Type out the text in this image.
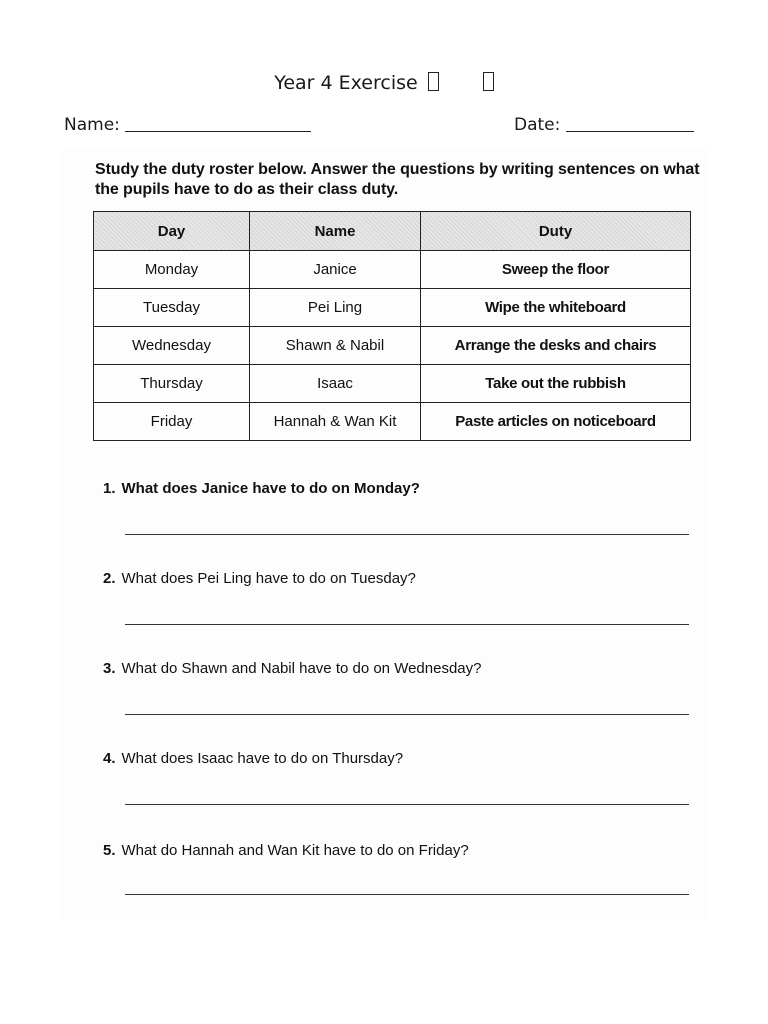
Year 4 Exercise
Name:	Date:
Study the duty roster below. Answer the questions by writing sentences on what the pupils have to do as their class duty.
Day	Name	Duty
Monday	Janice	Sweep the floor
Tuesday	Pei Ling	Wipe the whiteboard
Wednesday	Shawn & Nabil	Arrange the desks and chairs
Thursday	Isaac	Take out the rubbish
Friday	Hannah & Wan Kit	Paste articles on noticeboard
1. What does Janice have to do on Monday?
2. What does Pei Ling have to do on Tuesday?
3. What do Shawn and Nabil have to do on Wednesday?
4. What does Isaac have to do on Thursday?
5. What do Hannah and Wan Kit have to do on Friday?
